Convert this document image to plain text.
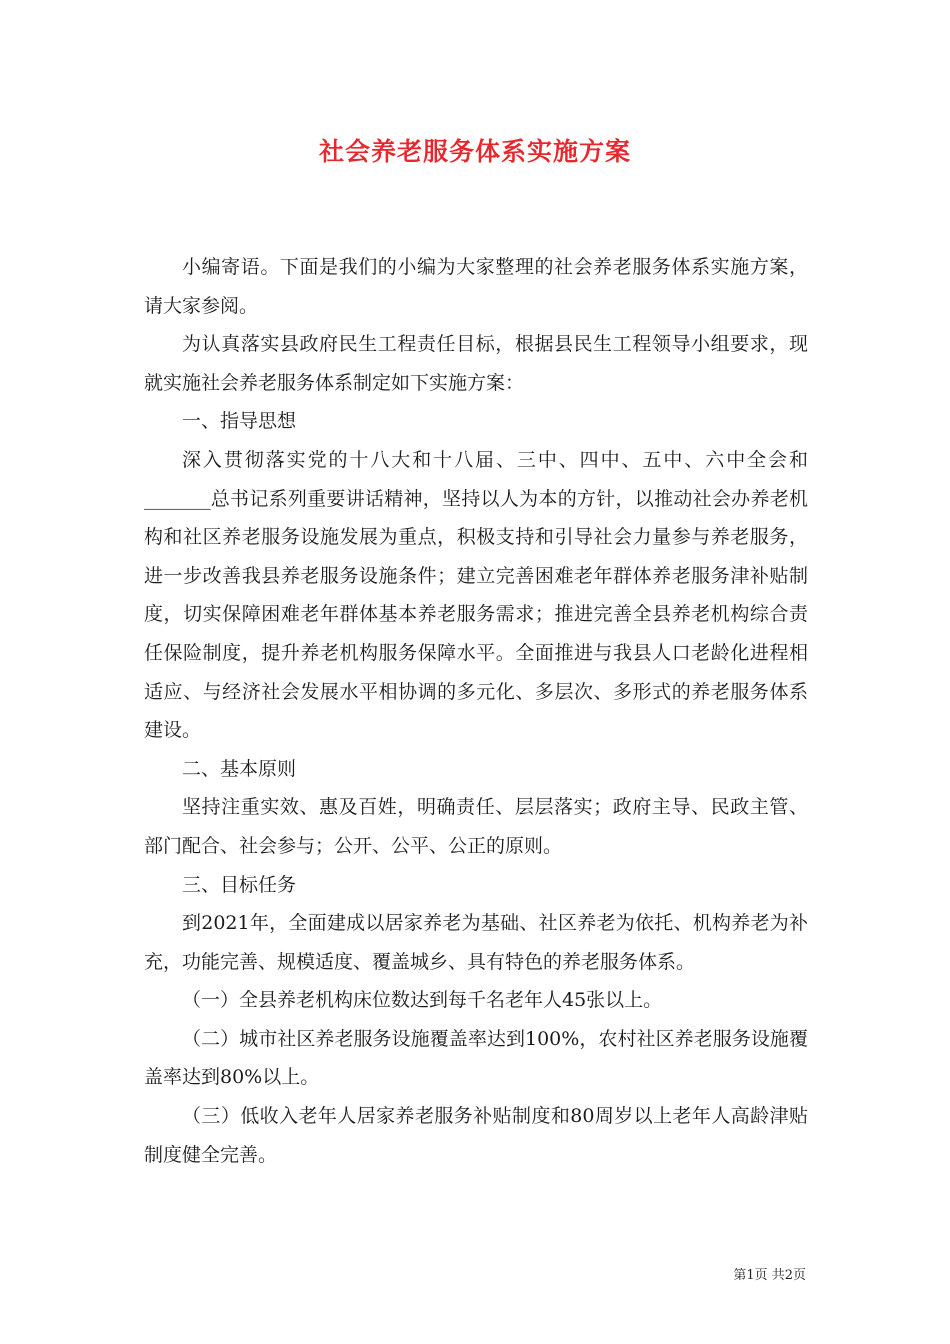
社会养老服务体系实施方案

小编寄语。下面是我们的小编为大家整理的社会养老服务体系实施方案，请大家参阅。

为认真落实县政府民生工程责任目标，根据县民生工程领导小组要求，现就实施社会养老服务体系制定如下实施方案：

一、指导思想

深入贯彻落实党的十八大和十八届、三中、四中、五中、六中全会和_______总书记系列重要讲话精神，坚持以人为本的方针，以推动社会办养老机构和社区养老服务设施发展为重点，积极支持和引导社会力量参与养老服务，进一步改善我县养老服务设施条件；建立完善困难老年群体养老服务津补贴制度，切实保障困难老年群体基本养老服务需求；推进完善全县养老机构综合责任保险制度，提升养老机构服务保障水平。全面推进与我县人口老龄化进程相适应、与经济社会发展水平相协调的多元化、多层次、多形式的养老服务体系建设。

二、基本原则

坚持注重实效、惠及百姓，明确责任、层层落实；政府主导、民政主管、部门配合、社会参与；公开、公平、公正的原则。

三、目标任务

到2021年，全面建成以居家养老为基础、社区养老为依托、机构养老为补充，功能完善、规模适度、覆盖城乡、具有特色的养老服务体系。

（一）全县养老机构床位数达到每千名老年人45张以上。

（二）城市社区养老服务设施覆盖率达到100%，农村社区养老服务设施覆盖率达到80%以上。

（三）低收入老年人居家养老服务补贴制度和80周岁以上老年人高龄津贴制度健全完善。

第1页 共2页
